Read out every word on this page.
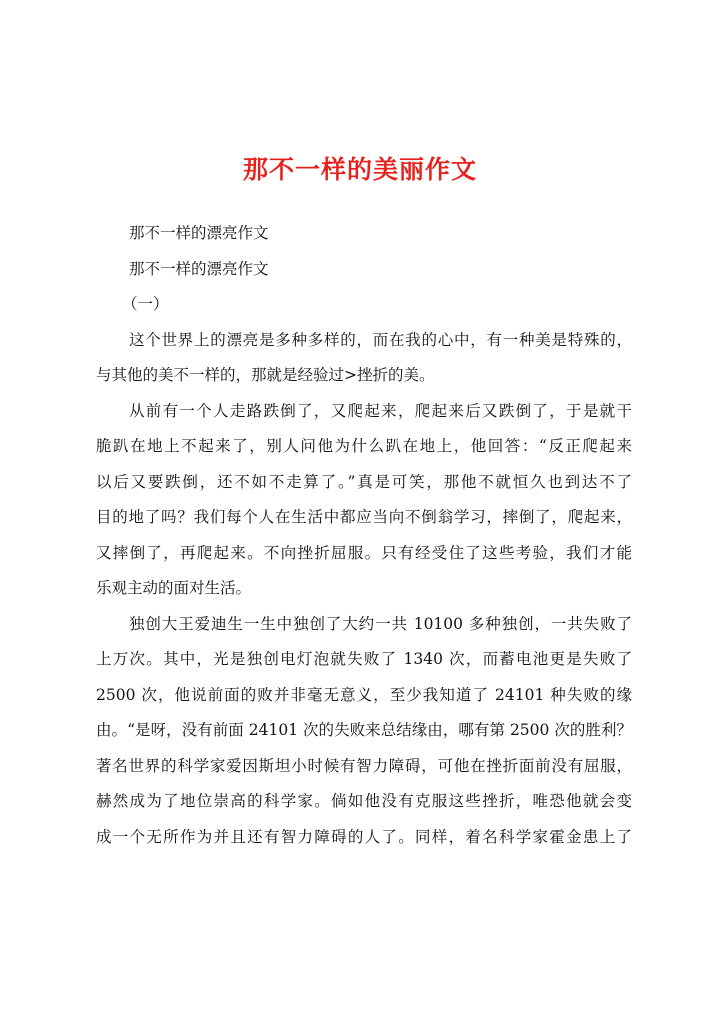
那不一样的美丽作文
那不一样的漂亮作文
那不一样的漂亮作文
（一）
这个世界上的漂亮是多种多样的，而在我的心中，有一种美是特殊的，
与其他的美不一样的，那就是经验过>挫折的美。
从前有一个人走路跌倒了，又爬起来，爬起来后又跌倒了，于是就干
脆趴在地上不起来了，别人问他为什么趴在地上，他回答：“反正爬起来
以后又要跌倒，还不如不走算了。”真是可笑，那他不就恒久也到达不了
目的地了吗？我们每个人在生活中都应当向不倒翁学习，摔倒了，爬起来，
又摔倒了，再爬起来。不向挫折屈服。只有经受住了这些考验，我们才能
乐观主动的面对生活。
独创大王爱迪生一生中独创了大约一共 10100 多种独创，一共失败了
上万次。其中，光是独创电灯泡就失败了 1340 次，而蓄电池更是失败了
2500 次，他说前面的败并非毫无意义，至少我知道了 24101 种失败的缘
由。“是呀，没有前面 24101 次的失败来总结缘由，哪有第 2500 次的胜利？
著名世界的科学家爱因斯坦小时候有智力障碍，可他在挫折面前没有屈服，
赫然成为了地位崇高的科学家。倘如他没有克服这些挫折，唯恐他就会变
成一个无所作为并且还有智力障碍的人了。同样，着名科学家霍金患上了
